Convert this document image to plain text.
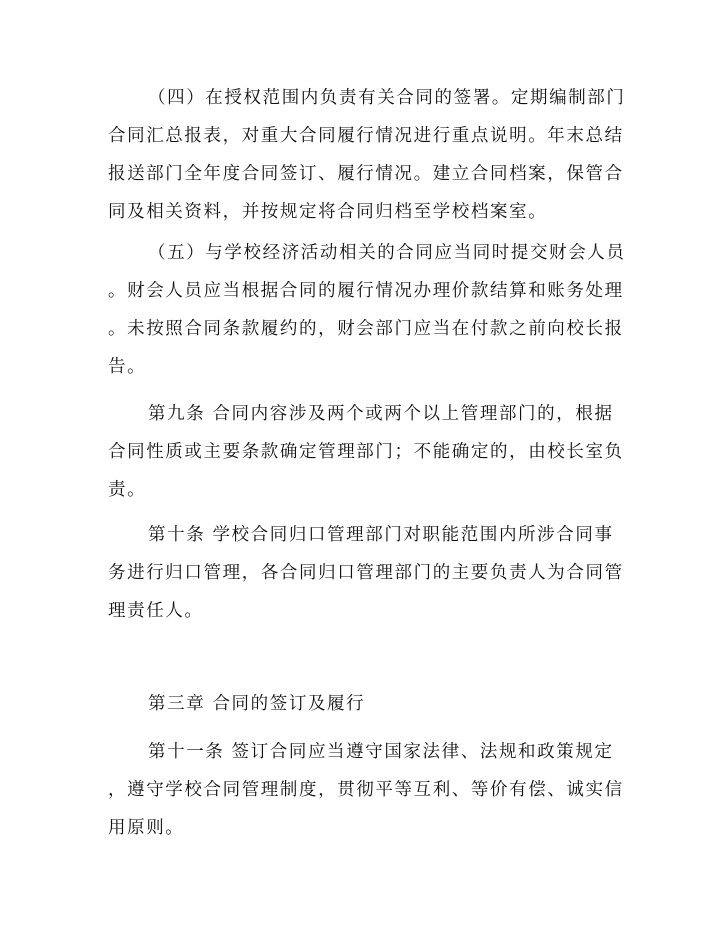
（四）在授权范围内负责有关合同的签署。定期编制部门
合同汇总报表，对重大合同履行情况进行重点说明。年末总结
报送部门全年度合同签订、履行情况。建立合同档案，保管合
同及相关资料，并按规定将合同归档至学校档案室。

（五）与学校经济活动相关的合同应当同时提交财会人员
。财会人员应当根据合同的履行情况办理价款结算和账务处理
。未按照合同条款履约的，财会部门应当在付款之前向校长报
告。

第九条 合同内容涉及两个或两个以上管理部门的，根据
合同性质或主要条款确定管理部门；不能确定的，由校长室负
责。

第十条 学校合同归口管理部门对职能范围内所涉合同事
务进行归口管理，各合同归口管理部门的主要负责人为合同管
理责任人。

第三章 合同的签订及履行

第十一条 签订合同应当遵守国家法律、法规和政策规定
，遵守学校合同管理制度，贯彻平等互利、等价有偿、诚实信
用原则。
